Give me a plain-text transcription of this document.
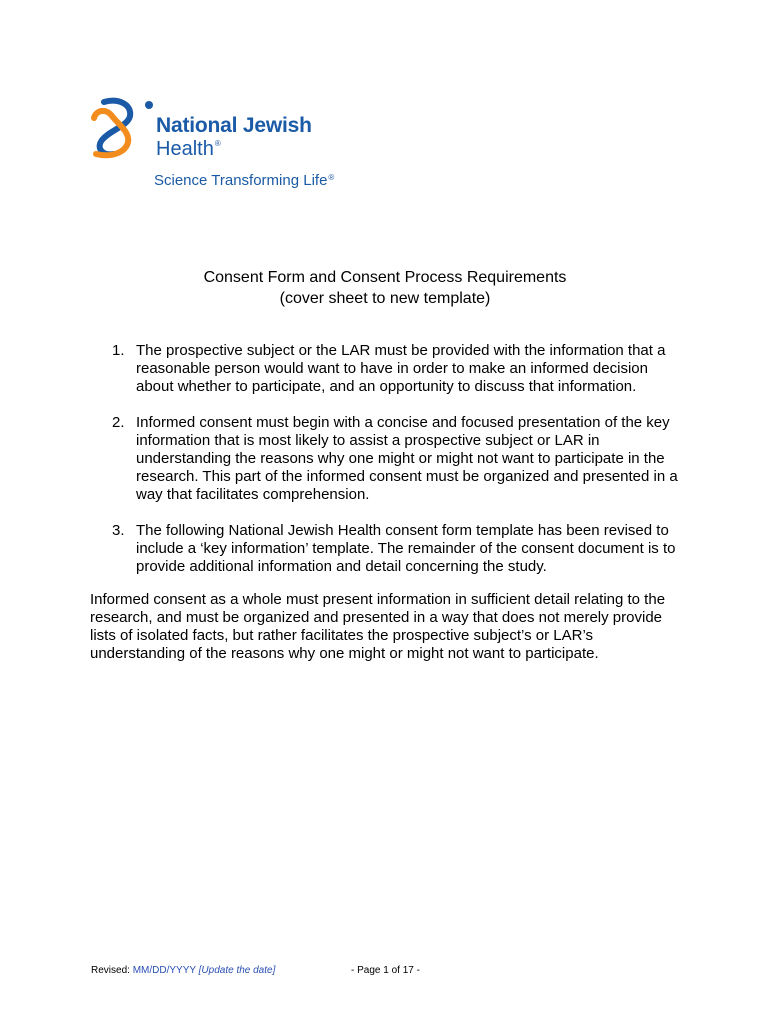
National Jewish
Health®
Science Transforming Life®
Consent Form and Consent Process Requirements
(cover sheet to new template)
1. The prospective subject or the LAR must be provided with the information that a reasonable person would want to have in order to make an informed decision about whether to participate, and an opportunity to discuss that information.
2. Informed consent must begin with a concise and focused presentation of the key information that is most likely to assist a prospective subject or LAR in understanding the reasons why one might or might not want to participate in the research. This part of the informed consent must be organized and presented in a way that facilitates comprehension.
3. The following National Jewish Health consent form template has been revised to include a ‘key information’ template. The remainder of the consent document is to provide additional information and detail concerning the study.

Informed consent as a whole must present information in sufficient detail relating to the research, and must be organized and presented in a way that does not merely provide lists of isolated facts, but rather facilitates the prospective subject’s or LAR’s understanding of the reasons why one might or might not want to participate.

Revised: MM/DD/YYYY [Update the date]	- Page 1 of 17 -
